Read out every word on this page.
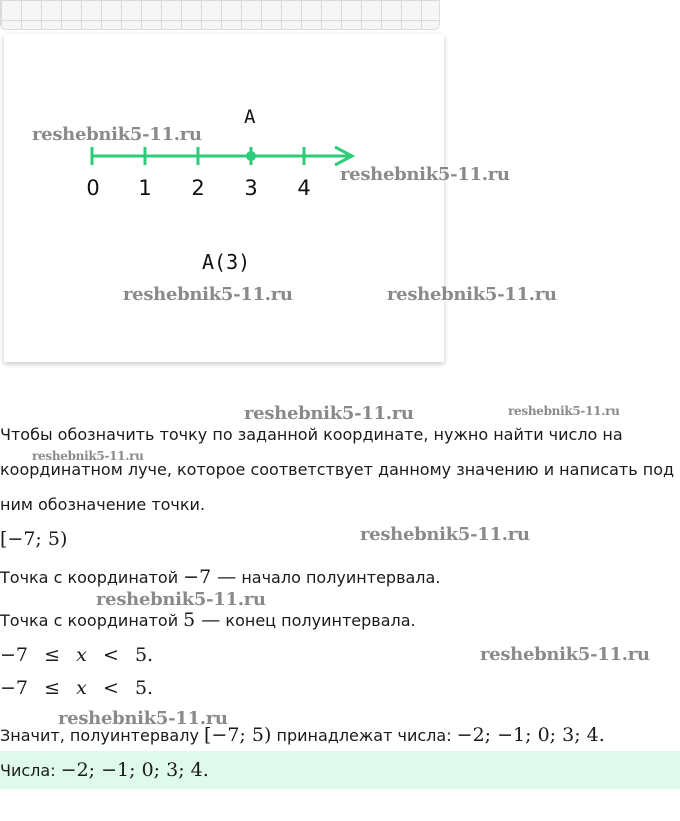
A
0 1 2 3 4
A(3)
reshebnik5-11.ru
reshebnik5-11.ru
reshebnik5-11.ru	reshebnik5-11.ru
reshebnik5-11.ru	reshebnik5-11.ru
reshebnik5-11.ru
reshebnik5-11.ru
reshebnik5-11.ru
reshebnik5-11.ru
reshebnik5-11.ru
Чтобы обозначить точку по заданной координате, нужно найти число на
координатном луче, которое соответствует данному значению и написать под
ним обозначение точки.
[−7; 5)
Точка с координатой −7 — начало полуинтервала.
Точка с координатой 5 — конец полуинтервала.
−7 ≤ x < 5.
−7 ≤ x < 5.
Значит, полуинтервалу [−7; 5) принадлежат числа: −2; −1; 0; 3; 4.
Числа: −2; −1; 0; 3; 4.
